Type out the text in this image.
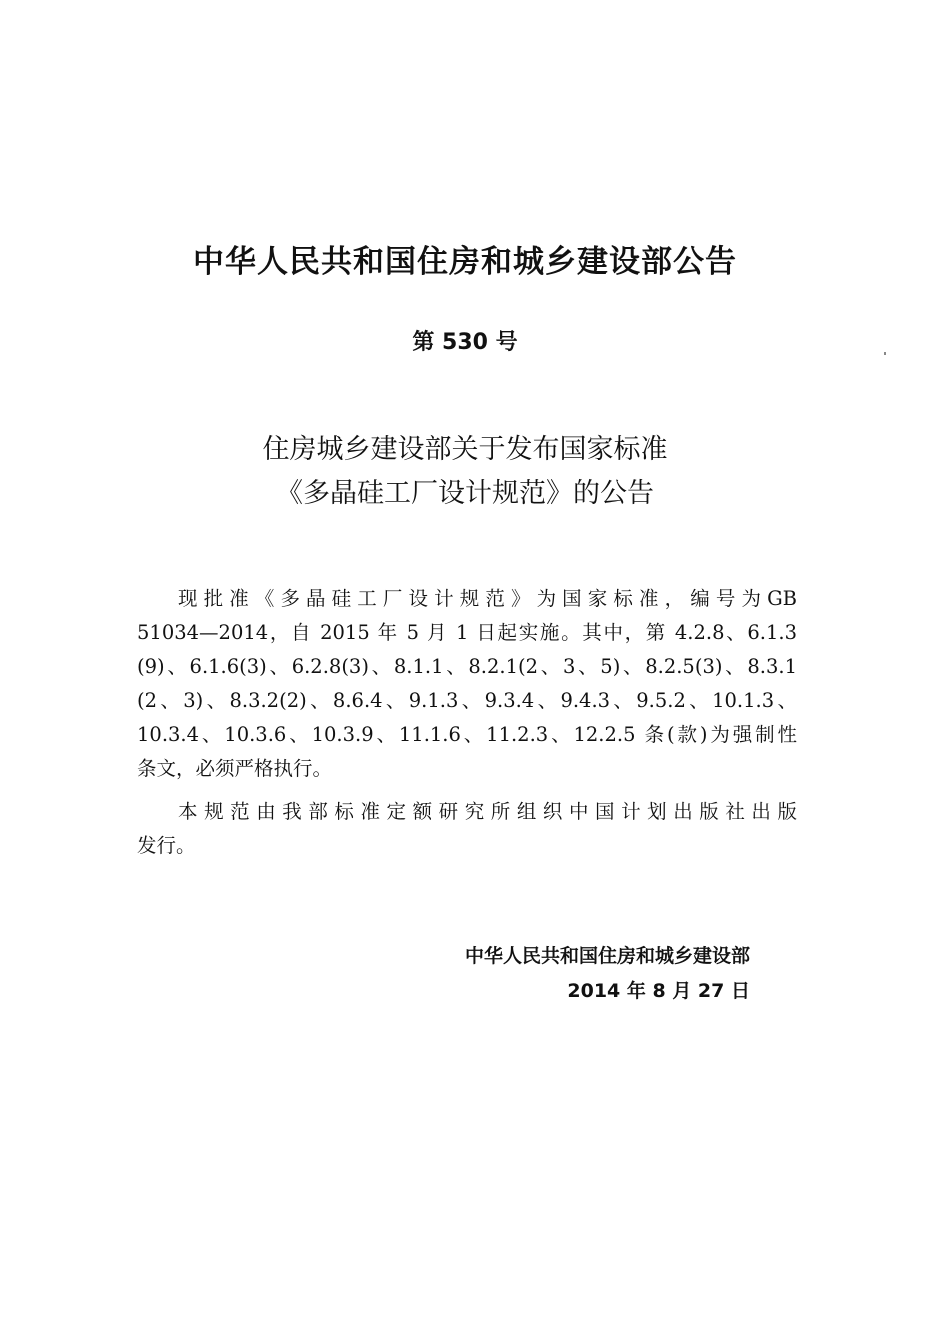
中华人民共和国住房和城乡建设部公告
第 530 号
住房城乡建设部关于发布国家标准
《多晶硅工厂设计规范》的公告
现批准《多晶硅工厂设计规范》为国家标准，编号为GB
51034—2014，自 2015 年 5 月 1 日起实施。其中，第 4.2.8、6.1.3
(9)、6.1.6(3)、6.2.8(3)、8.1.1、8.2.1(2、3、5)、8.2.5(3)、8.3.1
(2、3)、8.3.2(2)、8.6.4、9.1.3、9.3.4、9.4.3、9.5.2、10.1.3、
10.3.4、10.3.6、10.3.9、11.1.6、11.2.3、12.2.5 条(款)为强制性
条文，必须严格执行。
本规范由我部标准定额研究所组织中国计划出版社出版
发行。
中华人民共和国住房和城乡建设部
2014 年 8 月 27 日
